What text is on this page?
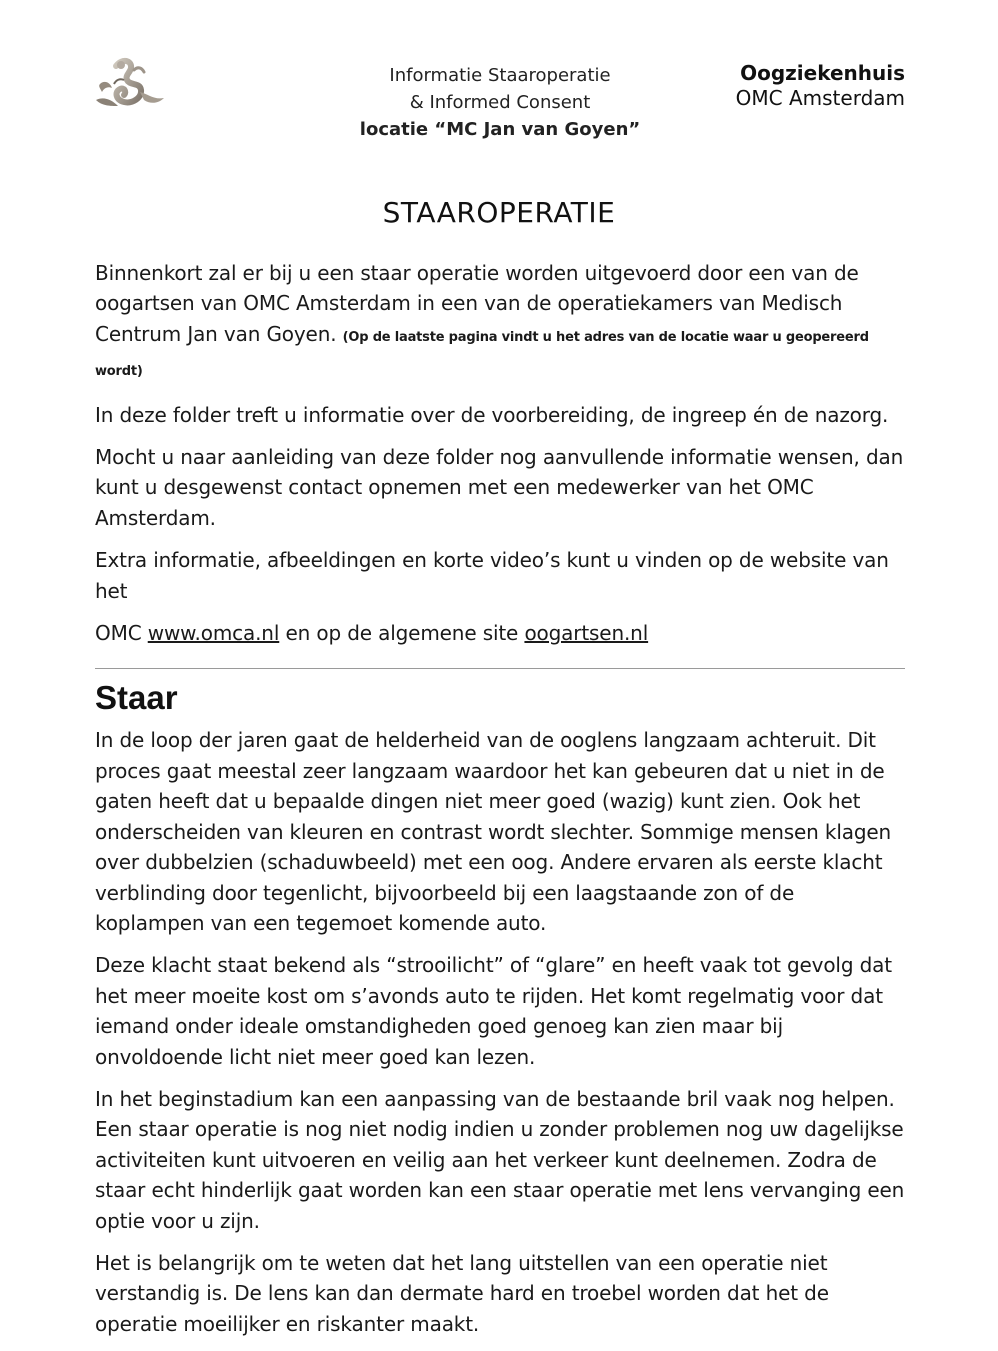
Informatie Staaroperatie
& Informed Consent
locatie “MC Jan van Goyen”
Oogziekenhuis
OMC Amsterdam
STAAROPERATIE

Binnenkort zal er bij u een staar operatie worden uitgevoerd door een van de oogartsen van OMC Amsterdam in een van de operatiekamers van Medisch Centrum Jan van Goyen. (Op de laatste pagina vindt u het adres van de locatie waar u geopereerd wordt)

In deze folder treft u informatie over de voorbereiding, de ingreep én de nazorg.

Mocht u naar aanleiding van deze folder nog aanvullende informatie wensen, dan kunt u desgewenst contact opnemen met een medewerker van het OMC Amsterdam.

Extra informatie, afbeeldingen en korte video’s kunt u vinden op de website van het

OMC www.omca.nl en op de algemene site oogartsen.nl

Staar

In de loop der jaren gaat de helderheid van de ooglens langzaam achteruit. Dit proces gaat meestal zeer langzaam waardoor het kan gebeuren dat u niet in de gaten heeft dat u bepaalde dingen niet meer goed (wazig) kunt zien. Ook het onderscheiden van kleuren en contrast wordt slechter. Sommige mensen klagen over dubbelzien (schaduwbeeld) met een oog. Andere ervaren als eerste klacht verblinding door tegenlicht, bijvoorbeeld bij een laagstaande zon of de koplampen van een tegemoet komende auto.

Deze klacht staat bekend als “strooilicht” of “glare” en heeft vaak tot gevolg dat het meer moeite kost om s’avonds auto te rijden. Het komt regelmatig voor dat iemand onder ideale omstandigheden goed genoeg kan zien maar bij onvoldoende licht niet meer goed kan lezen.

In het beginstadium kan een aanpassing van de bestaande bril vaak nog helpen. Een staar operatie is nog niet nodig indien u zonder problemen nog uw dagelijkse activiteiten kunt uitvoeren en veilig aan het verkeer kunt deelnemen. Zodra de staar echt hinderlijk gaat worden kan een staar operatie met lens vervanging een optie voor u zijn.

Het is belangrijk om te weten dat het lang uitstellen van een operatie niet verstandig is. De lens kan dan dermate hard en troebel worden dat het de operatie moeilijker en riskanter maakt.
